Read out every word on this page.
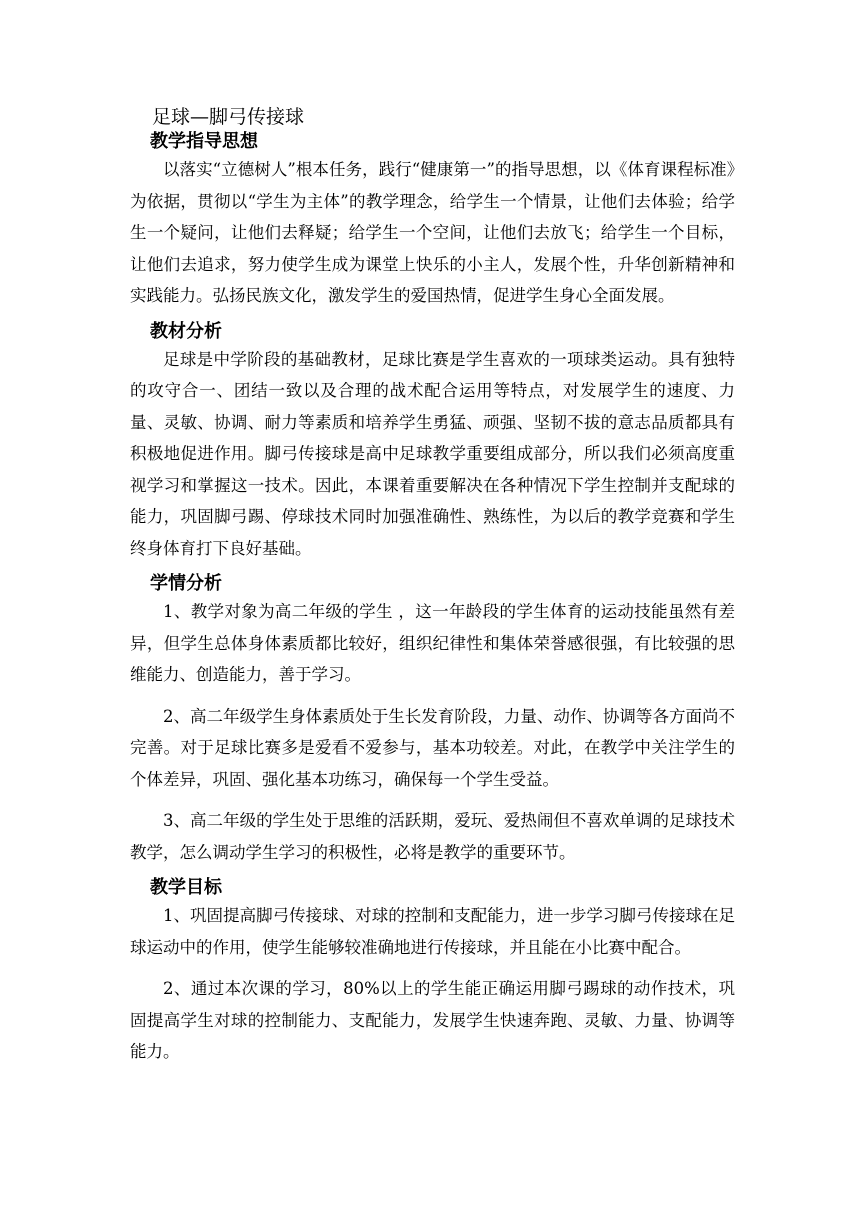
足球—脚弓传接球
教学指导思想

以落实“立德树人”根本任务，践行“健康第一”的指导思想，以《体育课程标准》为依据，贯彻以“学生为主体”的教学理念，给学生一个情景，让他们去体验；给学生一个疑问，让他们去释疑；给学生一个空间，让他们去放飞；给学生一个目标，让他们去追求，努力使学生成为课堂上快乐的小主人，发展个性，升华创新精神和实践能力。弘扬民族文化，激发学生的爱国热情，促进学生身心全面发展。

教材分析

足球是中学阶段的基础教材，足球比赛是学生喜欢的一项球类运动。具有独特的攻守合一、团结一致以及合理的战术配合运用等特点，对发展学生的速度、力量、灵敏、协调、耐力等素质和培养学生勇猛、顽强、坚韧不拔的意志品质都具有积极地促进作用。脚弓传接球是高中足球教学重要组成部分，所以我们必须高度重视学习和掌握这一技术。因此，本课着重要解决在各种情况下学生控制并支配球的能力，巩固脚弓踢、停球技术同时加强准确性、熟练性，为以后的教学竞赛和学生终身体育打下良好基础。

学情分析

1、教学对象为高二年级的学生 ，这一年龄段的学生体育的运动技能虽然有差异，但学生总体身体素质都比较好，组织纪律性和集体荣誉感很强，有比较强的思维能力、创造能力，善于学习。

2、高二年级学生身体素质处于生长发育阶段，力量、动作、协调等各方面尚不完善。对于足球比赛多是爱看不爱参与，基本功较差。对此，在教学中关注学生的个体差异，巩固、强化基本功练习，确保每一个学生受益。

3、高二年级的学生处于思维的活跃期，爱玩、爱热闹但不喜欢单调的足球技术教学，怎么调动学生学习的积极性，必将是教学的重要环节。

教学目标

1、巩固提高脚弓传接球、对球的控制和支配能力，进一步学习脚弓传接球在足球运动中的作用，使学生能够较准确地进行传接球，并且能在小比赛中配合。

2、通过本次课的学习，80%以上的学生能正确运用脚弓踢球的动作技术，巩固提高学生对球的控制能力、支配能力，发展学生快速奔跑、灵敏、力量、协调等能力。
